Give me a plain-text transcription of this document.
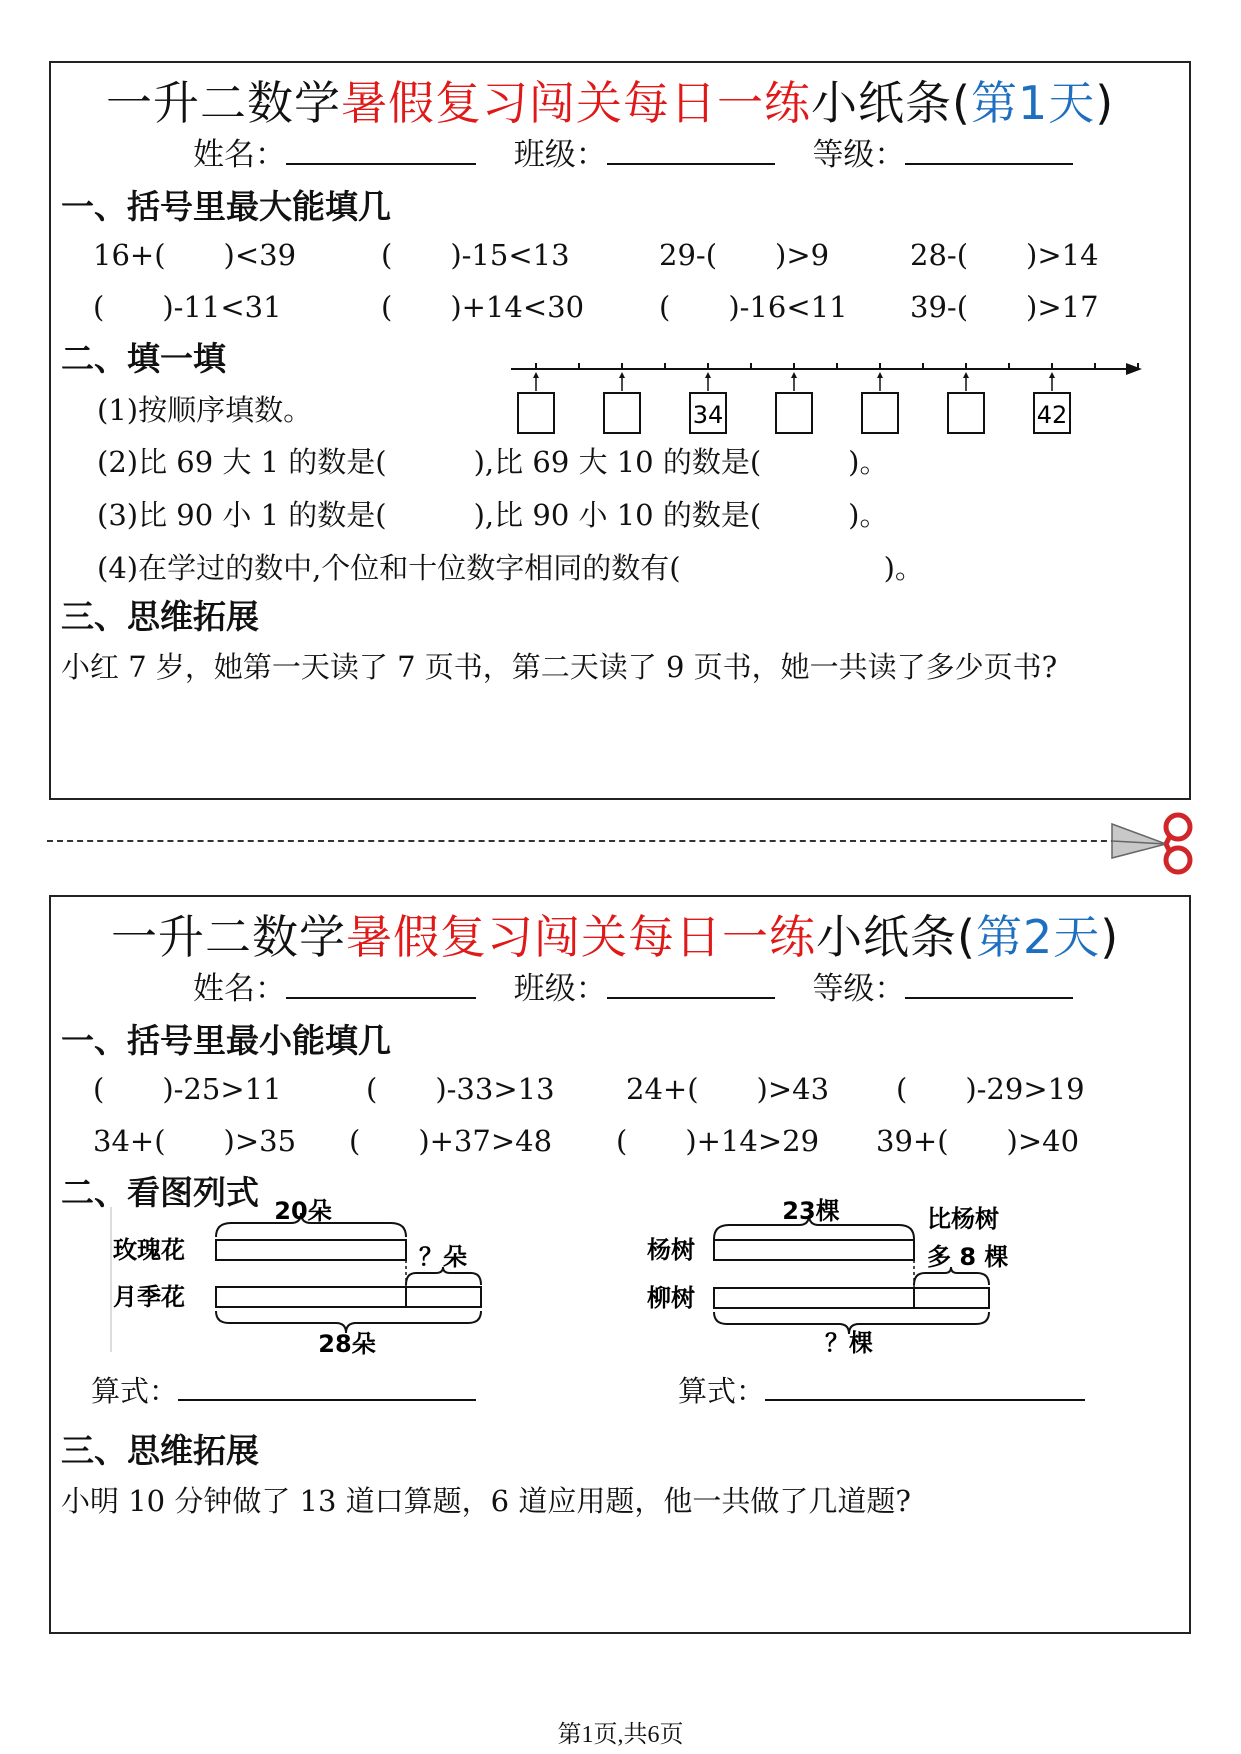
一升二数学暑假复习闯关每日一练小纸条(第1天)
姓名：	班级：	等级：
一、括号里最大能填几
16+(　　)<39	(　　)-15<13	29-(　　)>9	28-(　　)>14
(　　)-11<31	(　　)+14<30	(　　)-16<11 39-(　　)>17
二、填一填
(1)按顺序填数。	34	42
(2)比 69 大 1 的数是(　　　),比 69 大 10 的数是(　　　)。
(3)比 90 小 1 的数是(　　　),比 90 小 10 的数是(　　　)。
(4)在学过的数中,个位和十位数字相同的数有(　　　　　　　)。
三、思维拓展
小红 7 岁，她第一天读了 7 页书，第二天读了 9 页书，她一共读了多少页书?
一升二数学暑假复习闯关每日一练小纸条(第2天)
姓名：	班级：	等级：
一、括号里最小能填几
(　　)-25>11	(　　)-33>13 24+(　　)>43 (　　)-29>19
34+(　　)>35 (　　)+37>48 (　　)+14>29 39+(　　)>40
二、看图列式 20朵
玫瑰花	？朵
月季花
28朵
23棵
杨树
比杨树
多 8 棵
柳树
？棵
算式：	算式：
三、思维拓展
小明 10 分钟做了 13 道口算题，6 道应用题，他一共做了几道题?
第1页,共6页
